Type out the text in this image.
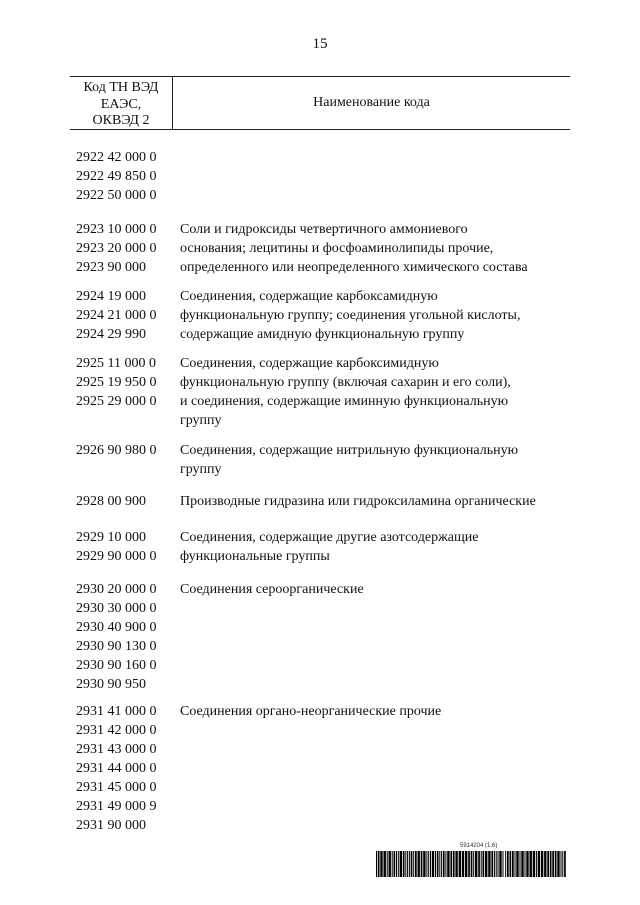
15
Код ТН ВЭД
ЕАЭС,
ОКВЭД 2
Наименование кода
2922 42 000 0
2922 49 850 0
2922 50 000 0
2923 10 000 0
2923 20 000 0
2923 90 000
Соли и гидроксиды четвертичного аммониевого
основания; лецитины и фосфоаминолипиды прочие,
определенного или неопределенного химического состава
2924 19 000
2924 21 000 0
2924 29 990
Соединения, содержащие карбоксамидную
функциональную группу; соединения угольной кислоты,
содержащие амидную функциональную группу
2925 11 000 0
2925 19 950 0
2925 29 000 0
Соединения, содержащие карбоксимидную
функциональную группу (включая сахарин и его соли),
и соединения, содержащие иминную функциональную
группу
2926 90 980 0	Соединения, содержащие нитрильную функциональную
группу
2928 00 900	Производные гидразина или гидроксиламина органические
2929 10 000
2929 90 000 0
Соединения, содержащие другие азотсодержащие
функциональные группы
2930 20 000 0
2930 30 000 0
2930 40 900 0
2930 90 130 0
2930 90 160 0
2930 90 950
Соединения сероорганические
2931 41 000 0
2931 42 000 0
2931 43 000 0
2931 44 000 0
2931 45 000 0
2931 49 000 9
2931 90 000
Соединения органо-неорганические прочие
5914204 (1.6)
